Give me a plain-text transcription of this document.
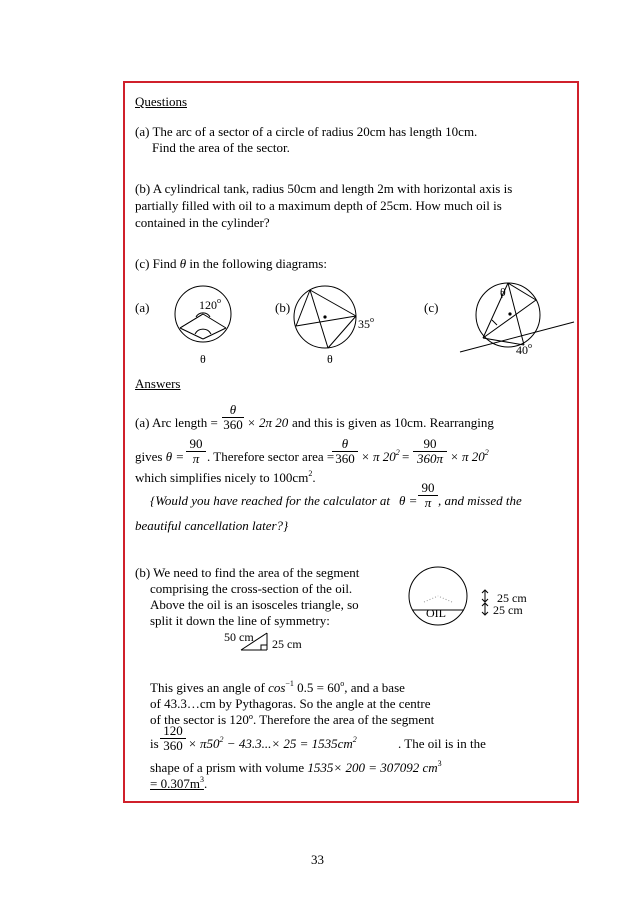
Questions
(a) The arc of a sector of a circle of radius 20cm has length 10cm.
Find the area of the sector.
(b) A cylindrical tank, radius 50cm and length 2m with horizontal axis is
partially filled with oil to a maximum depth of 25cm. How much oil is
contained in the cylinder?
(c) Find θ in the following diagrams:
(a)	120$^o$
θ
(b)
35$^o$
θ
(c)
θ
40$^o$
Answers
(a) Arc length = $\frac{\theta}{360} \times 2\pi$ 20 and this is given as 10cm. Rearranging
gives $\theta = \frac{90}{\pi}$ . Therefore sector area =
$\frac{\theta}{360} \times \pi$ $20^2 = \frac{90}{360\pi} \times \pi$ $20^2$
which simplifies nicely to $100cm^2$.
{Would you have reached for the calculator at $\theta = \frac{90}{\pi}$ , and missed the
beautiful cancellation later?}
(b) We need to find the area of the segment
comprising the cross-section of the oil.
Above the oil is an isosceles triangle, so
split it down the line of symmetry:	OIL
25 cm
25 cm
50 cm 25 cm
This gives an angle of $\cos^{-1} 0.5 = 60^o$, and a base
of 43.3…cm by Pythagoras. So the angle at the centre
of the sector is 120º. Therefore the area of the segment
is $\frac{120}{360} \times \pi 50^2 - 43.3...\times 25 = 1535cm^2$	. The oil is in the
shape of a prism with volume 1535× 200 = 307092 $cm^3$
= $0.307m^3$.
33
